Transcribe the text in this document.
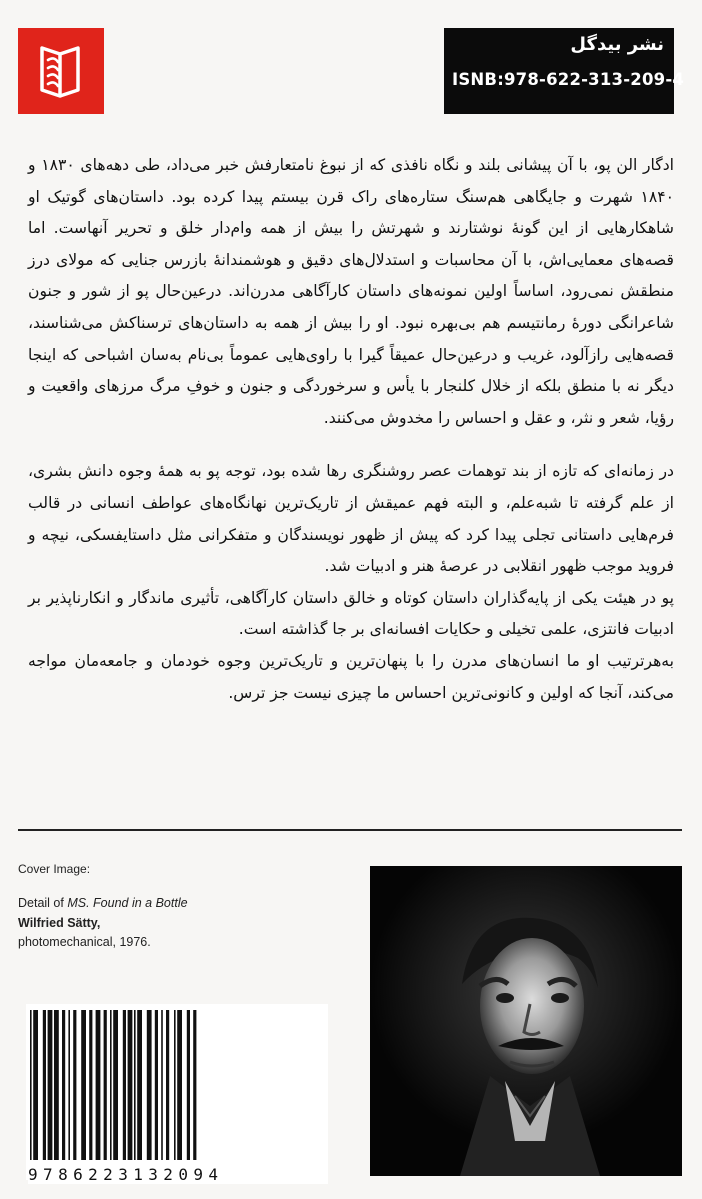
نشر بیدگل
ISNB:978-622-313-209-4

ادگار الن پو، با آن پیشانی بلند و نگاه نافذی که از نبوغ نامتعارفش خبر می‌داد، طی دهه‌های ۱۸۳۰ و ۱۸۴۰ شهرت و جایگاهی هم‌سنگ ستاره‌های راک قرن بیستم پیدا کرده بود. داستان‌های گوتیک او شاهکارهایی از این گونهٔ نوشتارند و شهرتش را بیش از همه وام‌دار خلق و تحریر آنهاست. اما قصه‌های معمایی‌اش، با آن محاسبات و استدلال‌های دقیق و هوشمندانهٔ بازرس جنایی که مولای درز منطقش نمی‌رود، اساساً اولین نمونه‌های داستان کارآگاهی مدرن‌اند. درعین‌حال پو از شور و جنون شاعرانگی دورهٔ رمانتیسم هم بی‌بهره نبود. او را بیش از همه به داستان‌های ترسناکش می‌شناسند، قصه‌هایی رازآلود، غریب و درعین‌حال عمیقاً گیرا با راوی‌هایی عموماً بی‌نام به‌سان اشباحی که اینجا دیگر نه با منطق بلکه از خلال کلنجار با یأس و سرخوردگی و جنون و خوفِ مرگ مرزهای واقعیت و رؤیا، شعر و نثر، و عقل و احساس را مخدوش می‌کنند.

در زمانه‌ای که تازه از بند توهمات عصر روشنگری رها شده بود، توجه پو به همهٔ وجوه دانش بشری، از علم گرفته تا شبه‌علم، و البته فهم عمیقش از تاریک‌ترین نهانگاه‌های عواطف انسانی در قالب فرم‌هایی داستانی تجلی پیدا کرد که پیش از ظهور نویسندگان و متفکرانی مثل داستایفسکی، نیچه و فروید موجب ظهور انقلابی در عرصهٔ هنر و ادبیات شد.

پو در هیئت یکی از پایه‌گذاران داستان کوتاه و خالق داستان کارآگاهی، تأثیری ماندگار و انکارناپذیر بر ادبیات فانتزی، علمی تخیلی و حکایات افسانه‌ای بر جا گذاشته است.

به‌هرترتیب او ما انسان‌های مدرن را با پنهان‌ترین و تاریک‌ترین وجوه خودمان و جامعه‌مان مواجه می‌کند، آنجا که اولین و کانونی‌ترین احساس ما چیزی نیست جز ترس.

Cover Image:
Detail of MS. Found in a Bottle
Wilfried Sätty,
photomechanical, 1976.
9786223132094
